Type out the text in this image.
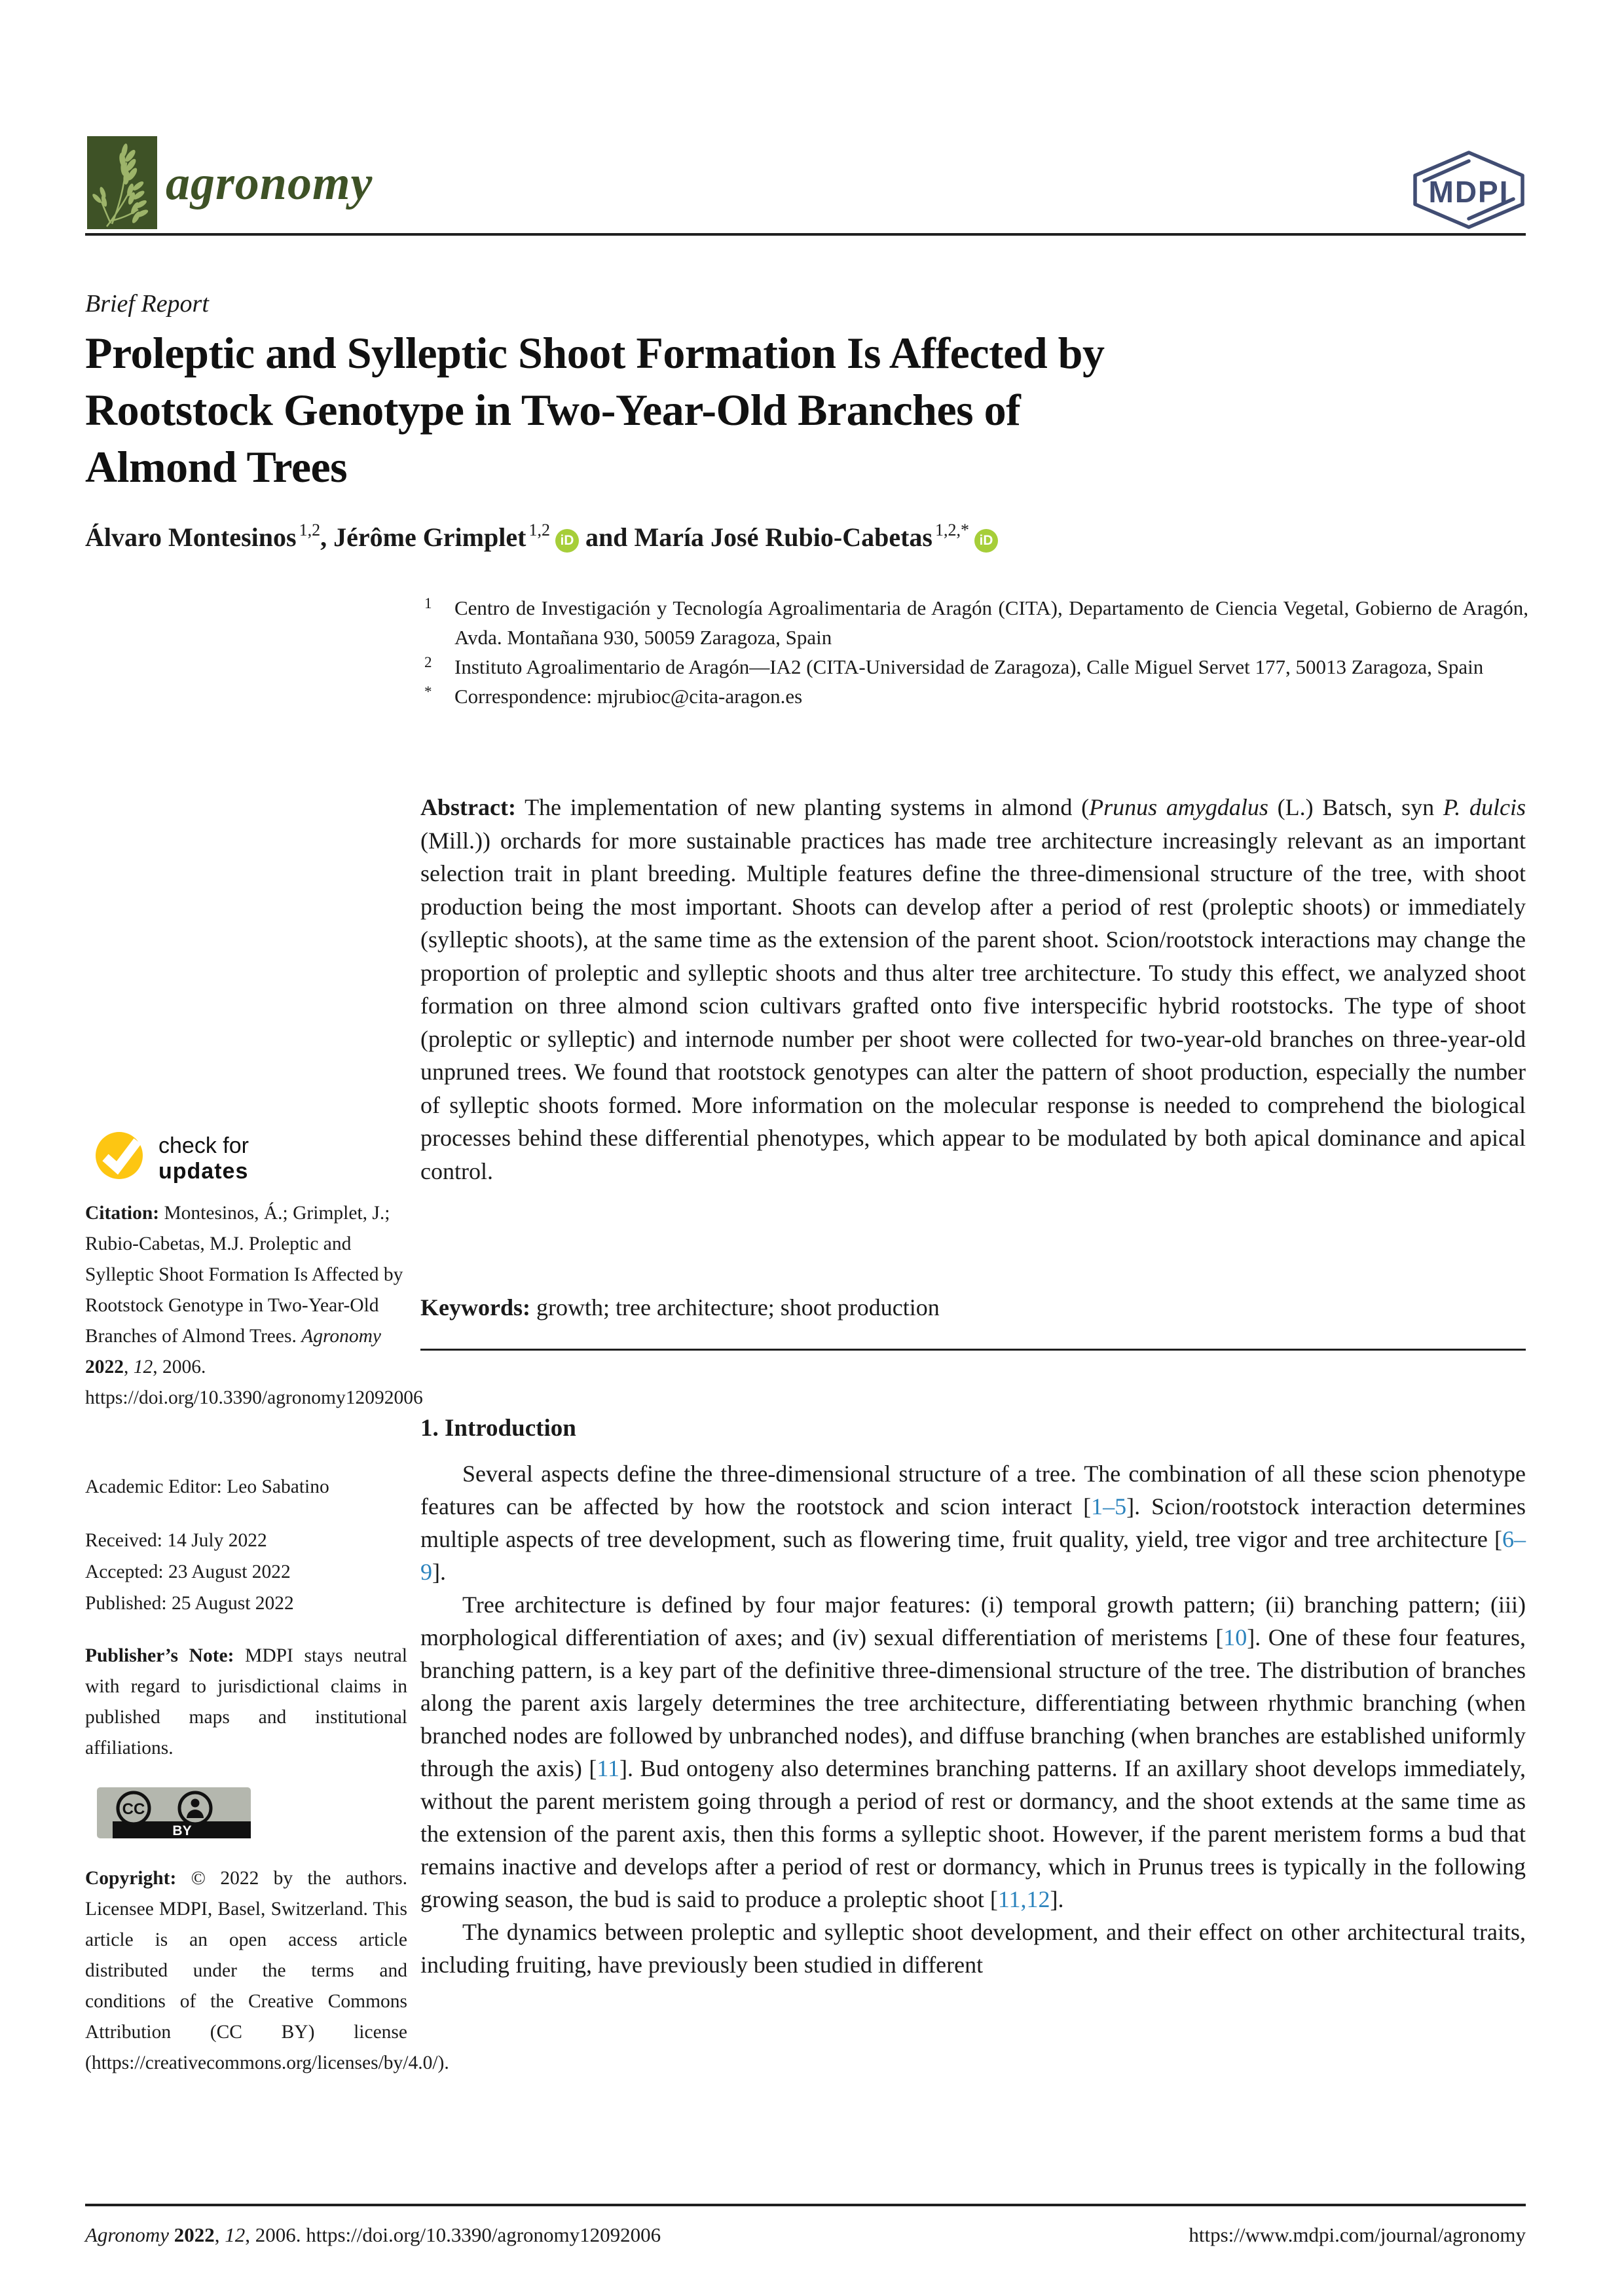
agronomy	MDPI
Brief Report
Proleptic and Sylleptic Shoot Formation Is Affected by
Rootstock Genotype in Two-Year-Old Branches of
Almond Trees
Álvaro Montesinos $^{1,2}$, Jérôme Grimplet $^{1,2}$iD and María José Rubio-Cabetas $^{1,2,*}$iD
1 Centro de Investigación y Tecnología Agroalimentaria de Aragón (CITA), Departamento de Ciencia Vegetal, Gobierno de Aragón, Avda. Montañana 930, 50059 Zaragoza, Spain
2 Instituto Agroalimentario de Aragón—IA2 (CITA-Universidad de Zaragoza), Calle Miguel Servet 177, 50013 Zaragoza, Spain
* Correspondence: mjrubioc@cita-aragon.es
Abstract: The implementation of new planting systems in almond (Prunus amygdalus (L.) Batsch, syn P. dulcis (Mill.)) orchards for more sustainable practices has made tree architecture increasingly relevant as an important selection trait in plant breeding. Multiple features define the three-dimensional structure of the tree, with shoot production being the most important. Shoots can develop after a period of rest (proleptic shoots) or immediately (sylleptic shoots), at the same time as the extension of the parent shoot. Scion/rootstock interactions may change the proportion of proleptic and sylleptic shoots and thus alter tree architecture. To study this effect, we analyzed shoot formation on three almond scion cultivars grafted onto five interspecific hybrid rootstocks. The type of shoot (proleptic or sylleptic) and internode number per shoot were collected for two-year-old branches on three-year-old unpruned trees. We found that rootstock genotypes can alter the pattern of shoot production, especially the number of sylleptic shoots formed. More information on the molecular response is needed to comprehend the biological processes behind these differential phenotypes, which appear to be modulated by both apical dominance and apical control.
Keywords: growth; tree architecture; shoot production
check for
updates
Citation: Montesinos, Á.; Grimplet, J.; Rubio-Cabetas, M.J. Proleptic and Sylleptic Shoot Formation Is Affected by Rootstock Genotype in Two-Year-Old Branches of Almond Trees. Agronomy 2022, 12, 2006. https://doi.org/10.3390/agronomy12092006
Academic Editor: Leo Sabatino
Received: 14 July 2022
Accepted: 23 August 2022
Published: 25 August 2022
Publisher’s Note: MDPI stays neutral with regard to jurisdictional claims in published maps and institutional affiliations.
BY
CC
Copyright: © 2022 by the authors. Licensee MDPI, Basel, Switzerland. This article is an open access article distributed under the terms and conditions of the Creative Commons Attribution (CC BY) license (https://creativecommons.org/licenses/by/4.0/).
1. Introduction

Several aspects define the three-dimensional structure of a tree. The combination of all these scion phenotype features can be affected by how the rootstock and scion interact [1–5]. Scion/rootstock interaction determines multiple aspects of tree development, such as flowering time, fruit quality, yield, tree vigor and tree architecture [6–9].

Tree architecture is defined by four major features: (i) temporal growth pattern; (ii) branching pattern; (iii) morphological differentiation of axes; and (iv) sexual differentiation of meristems [10]. One of these four features, branching pattern, is a key part of the definitive three-dimensional structure of the tree. The distribution of branches along the parent axis largely determines the tree architecture, differentiating between rhythmic branching (when branched nodes are followed by unbranched nodes), and diffuse branching (when branches are established uniformly through the axis) [11]. Bud ontogeny also determines branching patterns. If an axillary shoot develops immediately, without the parent meristem going through a period of rest or dormancy, and the shoot extends at the same time as the extension of the parent axis, then this forms a sylleptic shoot. However, if the parent meristem forms a bud that remains inactive and develops after a period of rest or dormancy, which in Prunus trees is typically in the following growing season, the bud is said to produce a proleptic shoot [11,12].

The dynamics between proleptic and sylleptic shoot development, and their effect on other architectural traits, including fruiting, have previously been studied in different

Agronomy 2022, 12, 2006. https://doi.org/10.3390/agronomy12092006	https://www.mdpi.com/journal/agronomy
